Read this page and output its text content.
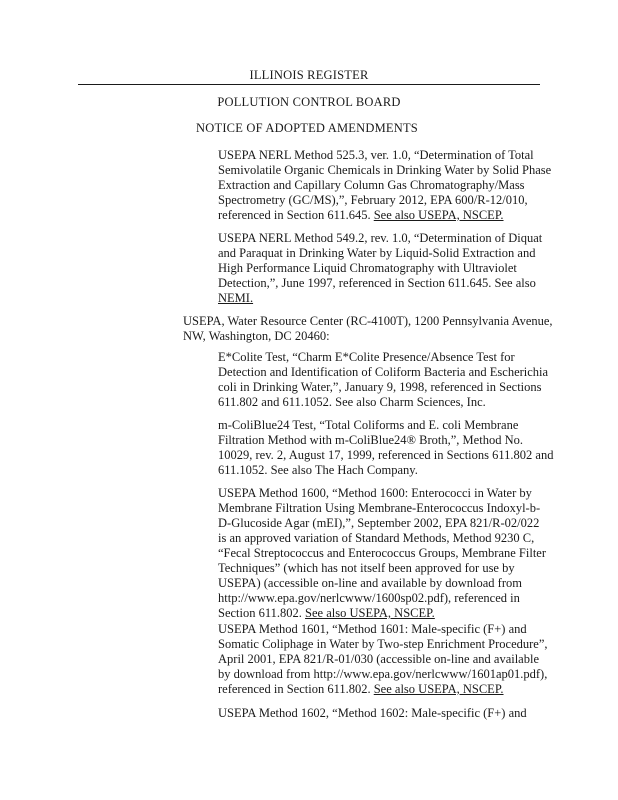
ILLINOIS REGISTER
POLLUTION CONTROL BOARD
NOTICE OF ADOPTED AMENDMENTS
USEPA NERL Method 525.3, ver. 1.0, “Determination of Total
Semivolatile Organic Chemicals in Drinking Water by Solid Phase
Extraction and Capillary Column Gas Chromatography/Mass
Spectrometry (GC/MS),”, February 2012, EPA 600/R-12/010,
referenced in Section 611.645. See also USEPA, NSCEP.
USEPA NERL Method 549.2, rev. 1.0, “Determination of Diquat
and Paraquat in Drinking Water by Liquid-Solid Extraction and
High Performance Liquid Chromatography with Ultraviolet
Detection,”, June 1997, referenced in Section 611.645. See also
NEMI.
USEPA, Water Resource Center (RC-4100T), 1200 Pennsylvania Avenue,
NW, Washington, DC 20460:
E*Colite Test, “Charm E*Colite Presence/Absence Test for
Detection and Identification of Coliform Bacteria and Escherichia
coli in Drinking Water,”, January 9, 1998, referenced in Sections
611.802 and 611.1052. See also Charm Sciences, Inc.
m-ColiBlue24 Test, “Total Coliforms and E. coli Membrane
Filtration Method with m-ColiBlue24® Broth,”, Method No.
10029, rev. 2, August 17, 1999, referenced in Sections 611.802 and
611.1052. See also The Hach Company.
USEPA Method 1600, “Method 1600: Enterococci in Water by
Membrane Filtration Using Membrane-Enterococcus Indoxyl-b-
D-Glucoside Agar (mEI),”, September 2002, EPA 821/R-02/022
is an approved variation of Standard Methods, Method 9230 C,
“Fecal Streptococcus and Enterococcus Groups, Membrane Filter
Techniques” (which has not itself been approved for use by
USEPA) (accessible on-line and available by download from
http://www.epa.gov/nerlcwww/1600sp02.pdf), referenced in
Section 611.802. See also USEPA, NSCEP.
USEPA Method 1601, “Method 1601: Male-specific (F+) and
Somatic Coliphage in Water by Two-step Enrichment Procedure”,
April 2001, EPA 821/R-01/030 (accessible on-line and available
by download from http://www.epa.gov/nerlcwww/1601ap01.pdf),
referenced in Section 611.802. See also USEPA, NSCEP.
USEPA Method 1602, “Method 1602: Male-specific (F+) and
